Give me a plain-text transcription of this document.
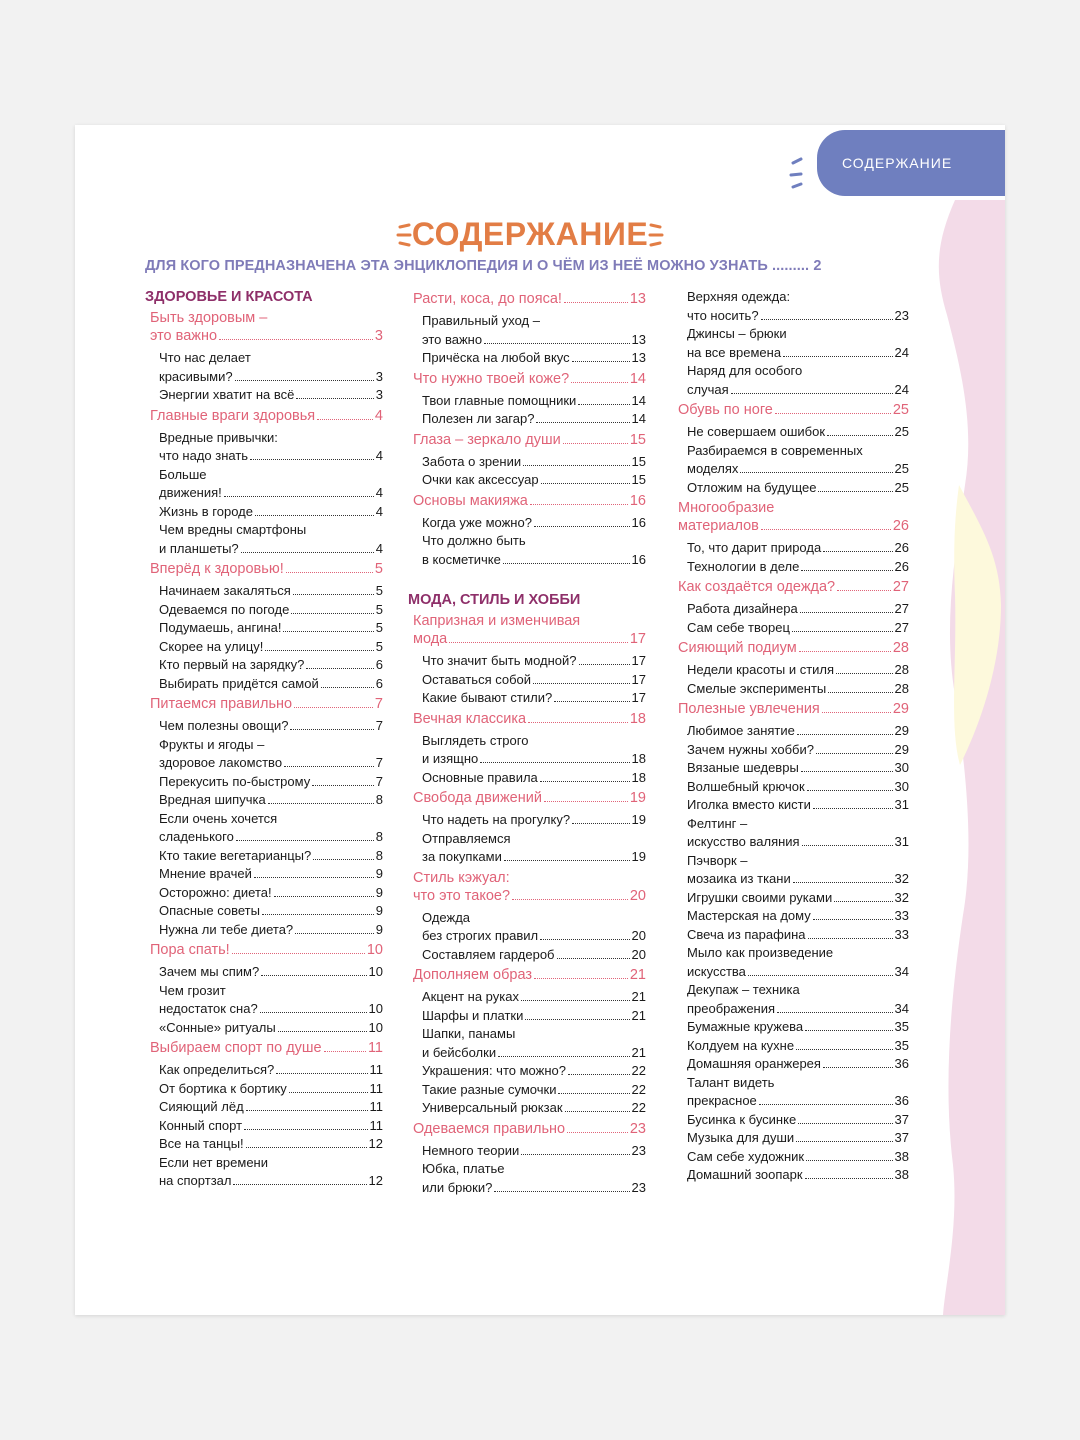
СОДЕРЖАНИЕ
СОДЕРЖАНИЕ
ДЛЯ КОГО ПРЕДНАЗНАЧЕНА ЭТА ЭНЦИКЛОПЕДИЯ И О ЧЁМ ИЗ НЕЁ МОЖНО УЗНАТЬ ......... 2
ЗДОРОВЬЕ И КРАСОТА
Быть здоровым –
это важно	3
Что нас делает
красивыми?	3
Энергии хватит на всё	3
Главные враги здоровья	4
Вредные привычки:
что надо знать	4
Больше
движения!	4
Жизнь в городе	4
Чем вредны смартфоны
и планшеты?	4
Вперёд к здоровью!	5
Начинаем закаляться	5
Одеваемся по погоде	5
Подумаешь, ангина!	5
Скорее на улицу!	5
Кто первый на зарядку?	6
Выбирать придётся самой	6
Питаемся правильно	7
Чем полезны овощи?	7
Фрукты и ягоды –
здоровое лакомство	7
Перекусить по-быстрому	7
Вредная шипучка	8
Если очень хочется
сладенького	8
Кто такие вегетарианцы?	8
Мнение врачей	9
Осторожно: диета!	9
Опасные советы	9
Нужна ли тебе диета?	9
Пора спать!	10
Зачем мы спим?	10
Чем грозит
недостаток сна?	10
«Сонные» ритуалы	10
Выбираем спорт по душе	11
Как определиться?	11
От бортика к бортику	11
Сияющий лёд	11
Конный спорт	11
Все на танцы!	12
Если нет времени
на спортзал	12
Расти, коса, до пояса!	13
Правильный уход –
это важно	13
Причёска на любой вкус	13
Что нужно твоей коже?	14
Твои главные помощники	14
Полезен ли загар?	14
Глаза – зеркало души	15
Забота о зрении	15
Очки как аксессуар	15
Основы макияжа	16
Когда уже можно?	16
Что должно быть
в косметичке	16
МОДА, СТИЛЬ И ХОББИ
Капризная и изменчивая
мода	17
Что значит быть модной?	17
Оставаться собой	17
Какие бывают стили?	17
Вечная классика	18
Выглядеть строго
и изящно	18
Основные правила	18
Свобода движений	19
Что надеть на прогулку?	19
Отправляемся
за покупками	19
Стиль кэжуал:
что это такое?	20
Одежда
без строгих правил	20
Составляем гардероб	20
Дополняем образ	21
Акцент на руках	21
Шарфы и платки	21
Шапки, панамы
и бейсболки	21
Украшения: что можно?	22
Такие разные сумочки	22
Универсальный рюкзак	22
Одеваемся правильно	23
Немного теории	23
Юбка, платье
или брюки?	23
Верхняя одежда:
что носить?	23
Джинсы – брюки
на все времена	24
Наряд для особого
случая	24
Обувь по ноге	25
Не совершаем ошибок	25
Разбираемся в современных
моделях	25
Отложим на будущее	25
Многообразие
материалов	26
То, что дарит природа	26
Технологии в деле	26
Как создаётся одежда?	27
Работа дизайнера	27
Сам себе творец	27
Сияющий подиум	28
Недели красоты и стиля	28
Смелые эксперименты	28
Полезные увлечения	29
Любимое занятие	29
Зачем нужны хобби?	29
Вязаные шедевры	30
Волшебный крючок	30
Иголка вместо кисти	31
Фелтинг –
искусство валяния	31
Пэчворк –
мозаика из ткани	32
Игрушки своими руками	32
Мастерская на дому	33
Свеча из парафина	33
Мыло как произведение
искусства	34
Декупаж – техника
преображения	34
Бумажные кружева	35
Колдуем на кухне	35
Домашняя оранжерея	36
Талант видеть
прекрасное	36
Бусинка к бусинке	37
Музыка для души	37
Сам себе художник	38
Домашний зоопарк	38
